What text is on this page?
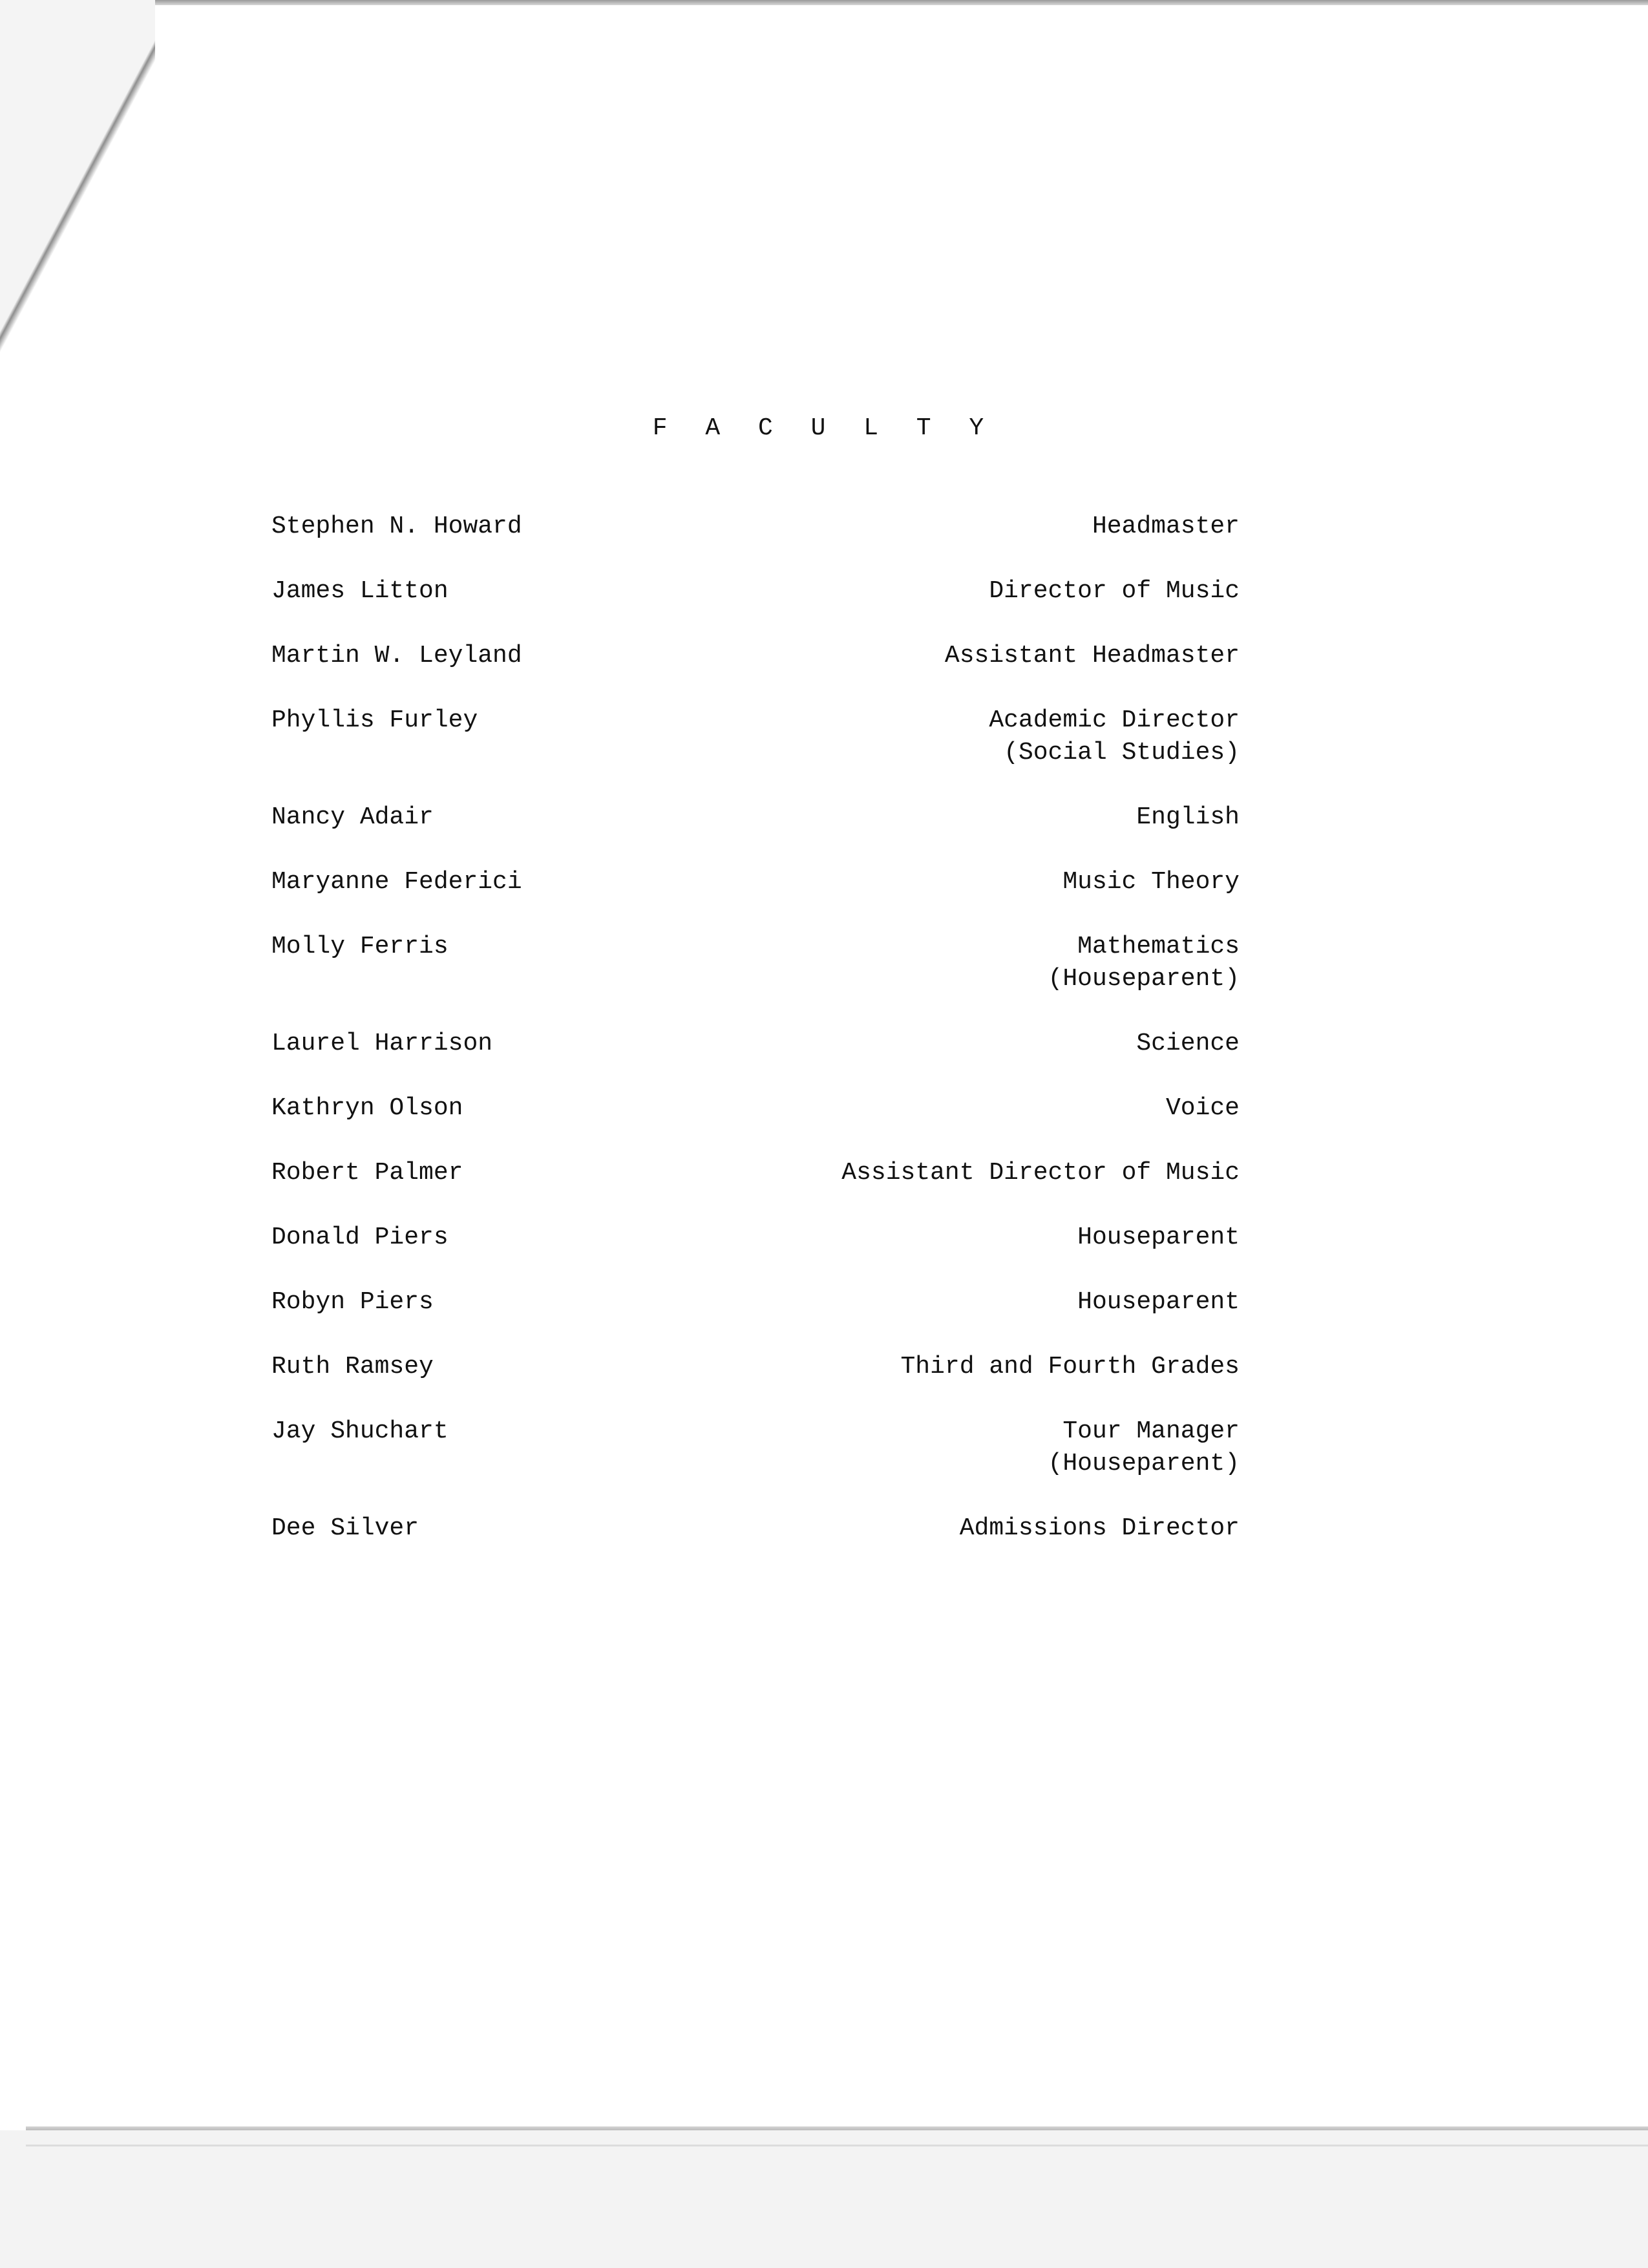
F A C U L T Y
Stephen N. Howard	Headmaster
James Litton	Director of Music
Martin W. Leyland	Assistant Headmaster
Phyllis Furley	Academic Director
(Social Studies)
Nancy Adair	English
Maryanne Federici	Music Theory
Molly Ferris	Mathematics
(Houseparent)
Laurel Harrison	Science
Kathryn Olson	Voice
Robert Palmer	Assistant Director of Music
Donald Piers	Houseparent
Robyn Piers	Houseparent
Ruth Ramsey	Third and Fourth Grades
Jay Shuchart	Tour Manager
(Houseparent)
Dee Silver	Admissions Director
